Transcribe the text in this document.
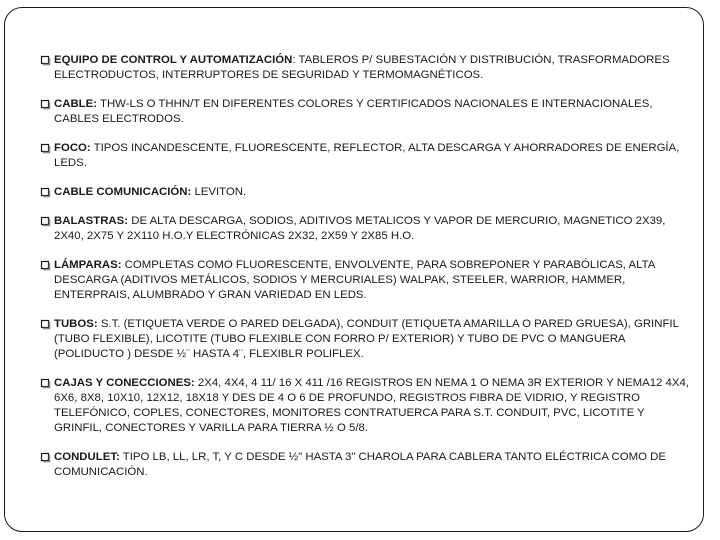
EQUIPO DE CONTROL Y AUTOMATIZACIÓN: TABLEROS P/ SUBESTACIÓN Y DISTRIBUCIÓN, TRASFORMADORES ELECTRODUCTOS, INTERRUPTORES DE SEGURIDAD Y TERMOMAGNÉTICOS.
CABLE: THW-LS O THHN/T EN DIFERENTES COLORES Y CERTIFICADOS NACIONALES E INTERNACIONALES, CABLES ELECTRODOS.
FOCO: TIPOS INCANDESCENTE, FLUORESCENTE, REFLECTOR, ALTA DESCARGA Y AHORRADORES DE ENERGÍA, LEDS.
CABLE COMUNICACIÓN: LEVITON.
BALASTRAS: DE ALTA DESCARGA, SODIOS, ADITIVOS METALICOS Y VAPOR DE MERCURIO, MAGNETICO 2X39, 2X40, 2X75 Y 2X110 H.O.Y ELECTRÓNICAS 2X32, 2X59 Y 2X85 H.O.
LÁMPARAS: COMPLETAS COMO FLUORESCENTE, ENVOLVENTE, PARA SOBREPONER Y PARABÓLICAS, ALTA DESCARGA (ADITIVOS METÁLICOS, SODIOS Y MERCURIALES) WALPAK, STEELER, WARRIOR, HAMMER, ENTERPRAIS, ALUMBRADO Y GRAN VARIEDAD EN LEDS.
TUBOS: S.T. (ETIQUETA VERDE O PARED DELGADA), CONDUIT (ETIQUETA AMARILLA O PARED GRUESA), GRINFIL (TUBO FLEXIBLE), LICOTITE (TUBO FLEXIBLE CON FORRO P/ EXTERIOR) Y TUBO DE PVC O MANGUERA (POLIDUCTO ) DESDE ½¨ HASTA 4¨, FLEXIBLR POLIFLEX.
CAJAS Y CONECCIONES: 2X4, 4X4, 4 11/ 16 X 411 /16 REGISTROS EN NEMA 1 O NEMA 3R EXTERIOR Y NEMA12 4X4, 6X6, 8X8, 10X10, 12X12, 18X18 Y DES DE 4 O 6 DE PROFUNDO, REGISTROS FIBRA DE VIDRIO, Y REGISTRO TELEFÓNICO, COPLES, CONECTORES, MONITORES CONTRATUERCA PARA S.T. CONDUIT, PVC, LICOTITE Y GRINFIL, CONECTORES Y VARILLA PARA TIERRA ½ O 5/8.
CONDULET: TIPO LB, LL, LR, T, Y C DESDE ½" HASTA 3" CHAROLA PARA CABLERA TANTO ELÉCTRICA COMO DE COMUNICACIÓN.
